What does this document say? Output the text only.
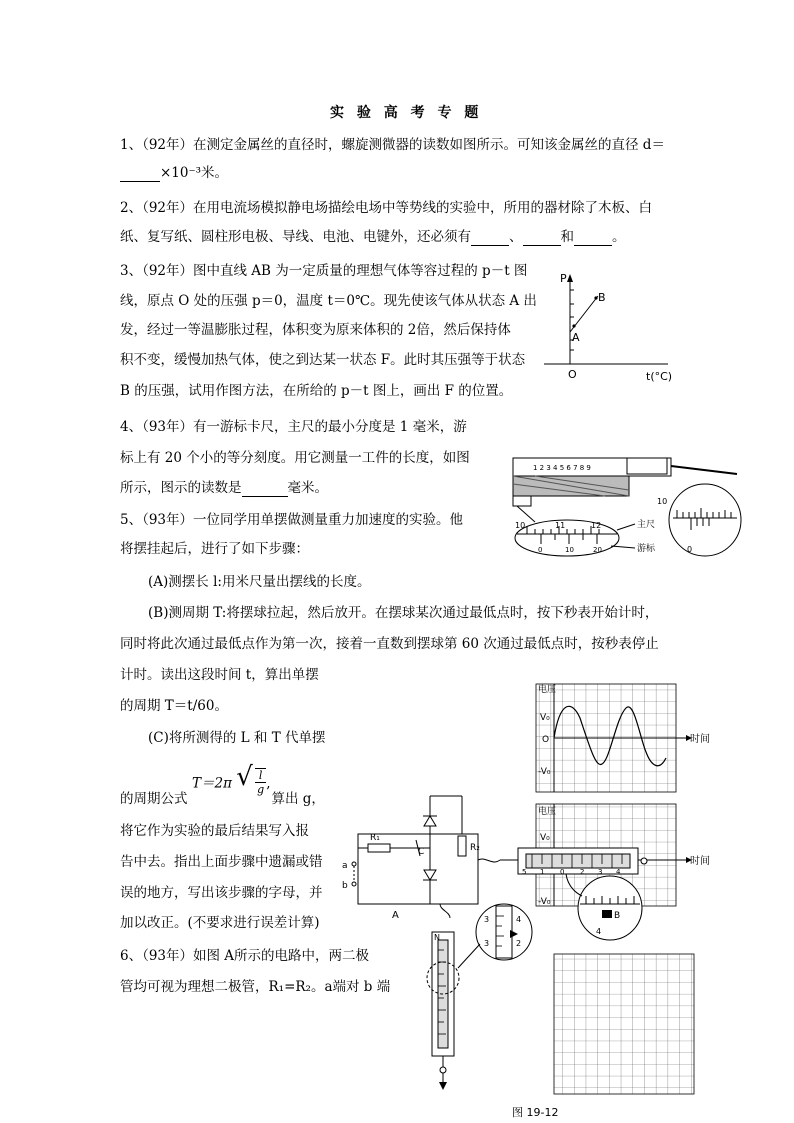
实 验 高 考 专 题
1、（92年）在测定金属丝的直径时，螺旋测微器的读数如图所示。可知该金属丝的直径 d＝
×10⁻³米。
2、（92年）在用电流场模拟静电场描绘电场中等势线的实验中，所用的器材除了木板、白
纸、复写纸、圆柱形电极、导线、电池、电键外，还必须有	、	和	。
3、（92年）图中直线 AB 为一定质量的理想气体等容过程的 p－t 图
线，原点 O 处的压强 p＝0，温度 t＝0℃。现先使该气体从状态 A 出
发，经过一等温膨胀过程，体积变为原来体积的 2倍，然后保持体
积不变，缓慢加热气体，使之到达某一状态 F。此时其压强等于状态
B 的压强，试用作图方法，在所给的 p－t 图上，画出 F 的位置。
P
B
A
O	t(°C)
4、（93年）有一游标卡尺，主尺的最小分度是 1 毫米，游
标上有 20 个小的等分刻度。用它测量一工件的长度，如图
所示，图示的读数是	毫米。
1 2 3 4 5 6 7 8 9
10
0
10	11	12
0	10	20
主尺
游标
5、（93年）一位同学用单摆做测量重力加速度的实验。他
将摆挂起后，进行了如下步骤：
(A)测摆长 l:用米尺量出摆线的长度。
(B)测周期 T:将摆球拉起，然后放开。在摆球某次通过最低点时，按下秒表开始计时，
同时将此次通过最低点作为第一次，接着一直数到摆球第 60 次通过最低点时，按秒表停止
计时。读出这段时间 t，算出单摆
的周期 T＝t/60。
(C)将所测得的 L 和 T 代单摆
T＝2π √ $\frac{l}{g}$ ,
的周期公式	算出 g，
将它作为实验的最后结果写入报
告中去。指出上面步骤中遗漏或错
误的地方，写出该步骤的字母，并
加以改正。(不要求进行误差计算)
6、（93年）如图 A所示的电路中，两二极
管均可视为理想二极管，R₁=R₂。a端对 b 端
电压
V₀
O
-V₀
时间
电压
V₀
-V₀
时间
1 0 2 3 4
5
B
4
R₂
R₁
C
a
b
A
N
3	4
3	2
图 19-12
